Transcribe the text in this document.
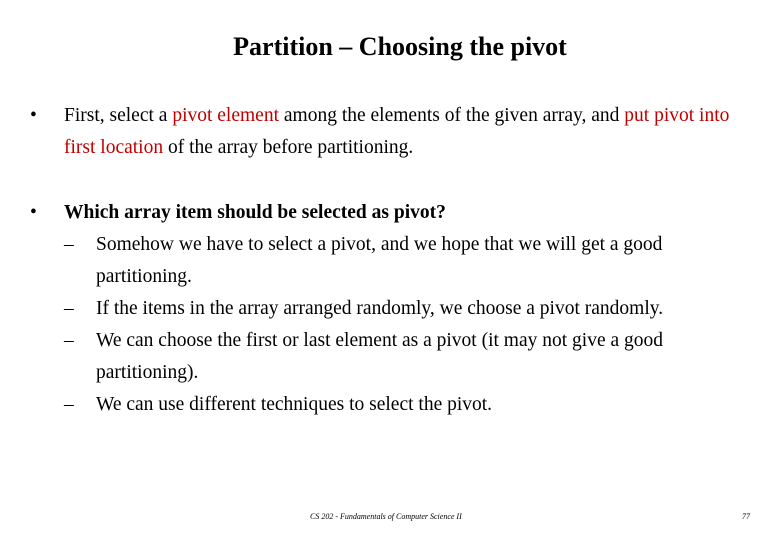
Partition – Choosing the pivot
•	First, select a pivot element among the elements of the given array, and put pivot into first location of the array before partitioning.
•	Which array item should be selected as pivot?
–	Somehow we have to select a pivot, and we hope that we will get a good partitioning.
–	If the items in the array arranged randomly, we choose a pivot randomly.
–	We can choose the first or last element as a pivot (it may not give a good partitioning).
–	We can use different techniques to select the pivot.
CS 202 - Fundamentals of Computer Science II	77
